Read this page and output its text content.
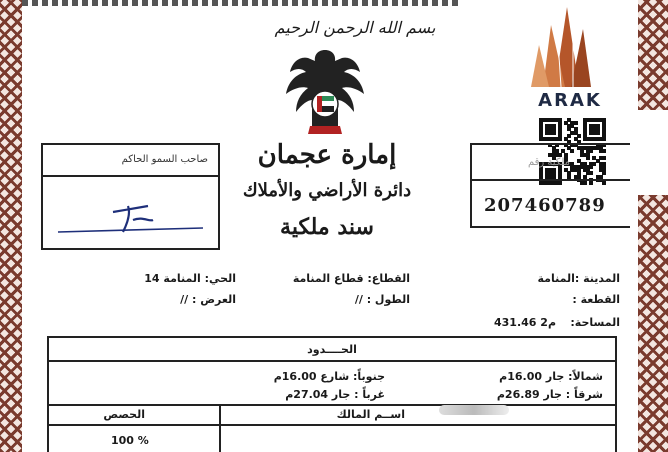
بسم الله الرحمن الرحيم
ARAK
صاحب السمو الحاكم	إمارة عجمان
دائرة الأراضي والأملاك
سند ملكية
ملكية رقم
207460789
المدينة :المنامة
القطاع: قطاع المنامة
الحي: المنامة 14
القطعة :
الطول : //
العرض : //
المساحة:
431.46 م2
الحــــدود
شمالاً: جار 16.00م
جنوباً: شارع 16.00م
شرقاً : جار 26.89م
غرباً : جار 27.04م
اســم المالك
الحصص
100 %
